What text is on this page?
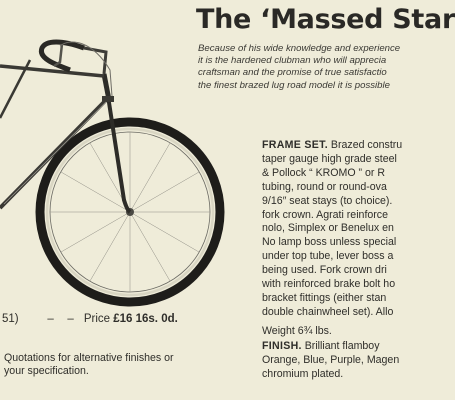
The ‘Massed Star
Because of his wide knowledge and experience
it is the hardened clubman who will apprecia
craftsman and the promise of true satisfactio
the finest brazed lug road model it is possible
FRAME SET. Brazed constru
taper gauge high grade steel
& Pollock “ KROMO ” or R
tubing, round or round-ova
9/16″ seat stays (to choice).
fork crown. Agrati reinforce
nolo, Simplex or Benelux en
No lamp boss unless special
under top tube, lever boss a
being used. Fork crown dri
with reinforced brake bolt ho
bracket fittings (either stan
double chainwheel set). Allo
Weight 6¾ lbs.
FINISH. Brilliant flamboy
Orange, Blue, Purple, Magen
chromium plated.
51)	– – Price £16 16s. 0d.
Quotations for alternative finishes or
your specification.
